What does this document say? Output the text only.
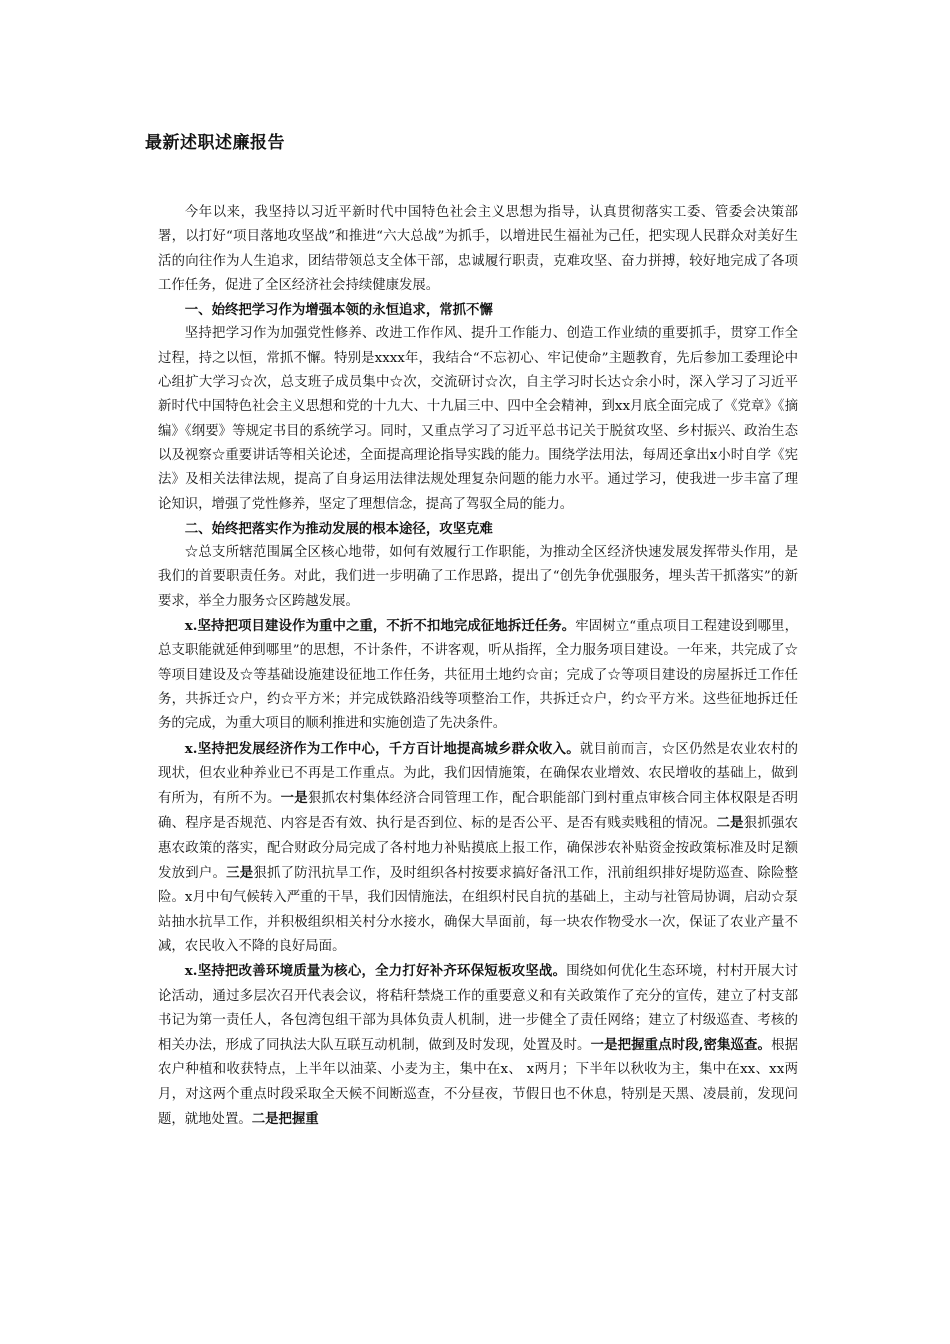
最新述职述廉报告

今年以来，我坚持以习近平新时代中国特色社会主义思想为指导，认真贯彻落实工委、管委会决策部署，以打好“项目落地攻坚战”和推进“六大总战”为抓手，以增进民生福祉为己任，把实现人民群众对美好生活的向往作为人生追求，团结带领总支全体干部，忠诚履行职责，克难攻坚、奋力拼搏，较好地完成了各项工作任务，促进了全区经济社会持续健康发展。

一、始终把学习作为增强本领的永恒追求，常抓不懈

坚持把学习作为加强党性修养、改进工作作风、提升工作能力、创造工作业绩的重要抓手，贯穿工作全过程，持之以恒，常抓不懈。特别是xxxx年，我结合“不忘初心、牢记使命”主题教育，先后参加工委理论中心组扩大学习☆次，总支班子成员集中☆次，交流研讨☆次，自主学习时长达☆余小时，深入学习了习近平新时代中国特色社会主义思想和党的十九大、十九届三中、四中全会精神，到xx月底全面完成了《党章》《摘编》《纲要》等规定书目的系统学习。同时，又重点学习了习近平总书记关于脱贫攻坚、乡村振兴、政治生态以及视察☆重要讲话等相关论述，全面提高理论指导实践的能力。围绕学法用法，每周还拿出x小时自学《宪法》及相关法律法规，提高了自身运用法律法规处理复杂问题的能力水平。通过学习，使我进一步丰富了理论知识，增强了党性修养，坚定了理想信念，提高了驾驭全局的能力。

二、始终把落实作为推动发展的根本途径，攻坚克难

☆总支所辖范围属全区核心地带，如何有效履行工作职能，为推动全区经济快速发展发挥带头作用，是我们的首要职责任务。对此，我们进一步明确了工作思路，提出了“创先争优强服务，埋头苦干抓落实”的新要求，举全力服务☆区跨越发展。

x.坚持把项目建设作为重中之重，不折不扣地完成征地拆迁任务。牢固树立“重点项目工程建设到哪里，总支职能就延伸到哪里”的思想，不计条件，不讲客观，听从指挥，全力服务项目建设。一年来，共完成了☆等项目建设及☆等基础设施建设征地工作任务，共征用土地约☆亩；完成了☆等项目建设的房屋拆迁工作任务，共拆迁☆户，约☆平方米；并完成铁路沿线等项整治工作，共拆迁☆户，约☆平方米。这些征地拆迁任务的完成，为重大项目的顺利推进和实施创造了先决条件。

x.坚持把发展经济作为工作中心，千方百计地提高城乡群众收入。就目前而言，☆区仍然是农业农村的现状，但农业种养业已不再是工作重点。为此，我们因情施策，在确保农业增效、农民增收的基础上，做到有所为，有所不为。一是狠抓农村集体经济合同管理工作，配合职能部门到村重点审核合同主体权限是否明确、程序是否规范、内容是否有效、执行是否到位、标的是否公平、是否有贱卖贱租的情况。二是狠抓强农惠农政策的落实，配合财政分局完成了各村地力补贴摸底上报工作，确保涉农补贴资金按政策标准及时足额发放到户。三是狠抓了防汛抗旱工作，及时组织各村按要求搞好备汛工作，汛前组织排好堤防巡查、除险整险。x月中旬气候转入严重的干旱，我们因情施法，在组织村民自抗的基础上，主动与社管局协调，启动☆泵站抽水抗旱工作，并积极组织相关村分水接水，确保大旱面前，每一块农作物受水一次，保证了农业产量不减，农民收入不降的良好局面。

x.坚持把改善环境质量为核心，全力打好补齐环保短板攻坚战。围绕如何优化生态环境，村村开展大讨论活动，通过多层次召开代表会议，将秸秆禁烧工作的重要意义和有关政策作了充分的宣传，建立了村支部书记为第一责任人，各包湾包组干部为具体负责人机制，进一步健全了责任网络；建立了村级巡查、考核的相关办法，形成了同执法大队互联互动机制，做到及时发现，处置及时。一是把握重点时段,密集巡查。根据农户种植和收获特点，上半年以油菜、小麦为主，集中在x、 x两月；下半年以秋收为主，集中在xx、xx两月，对这两个重点时段采取全天候不间断巡查，不分昼夜，节假日也不休息，特别是天黑、凌晨前，发现问题，就地处置。二是把握重
